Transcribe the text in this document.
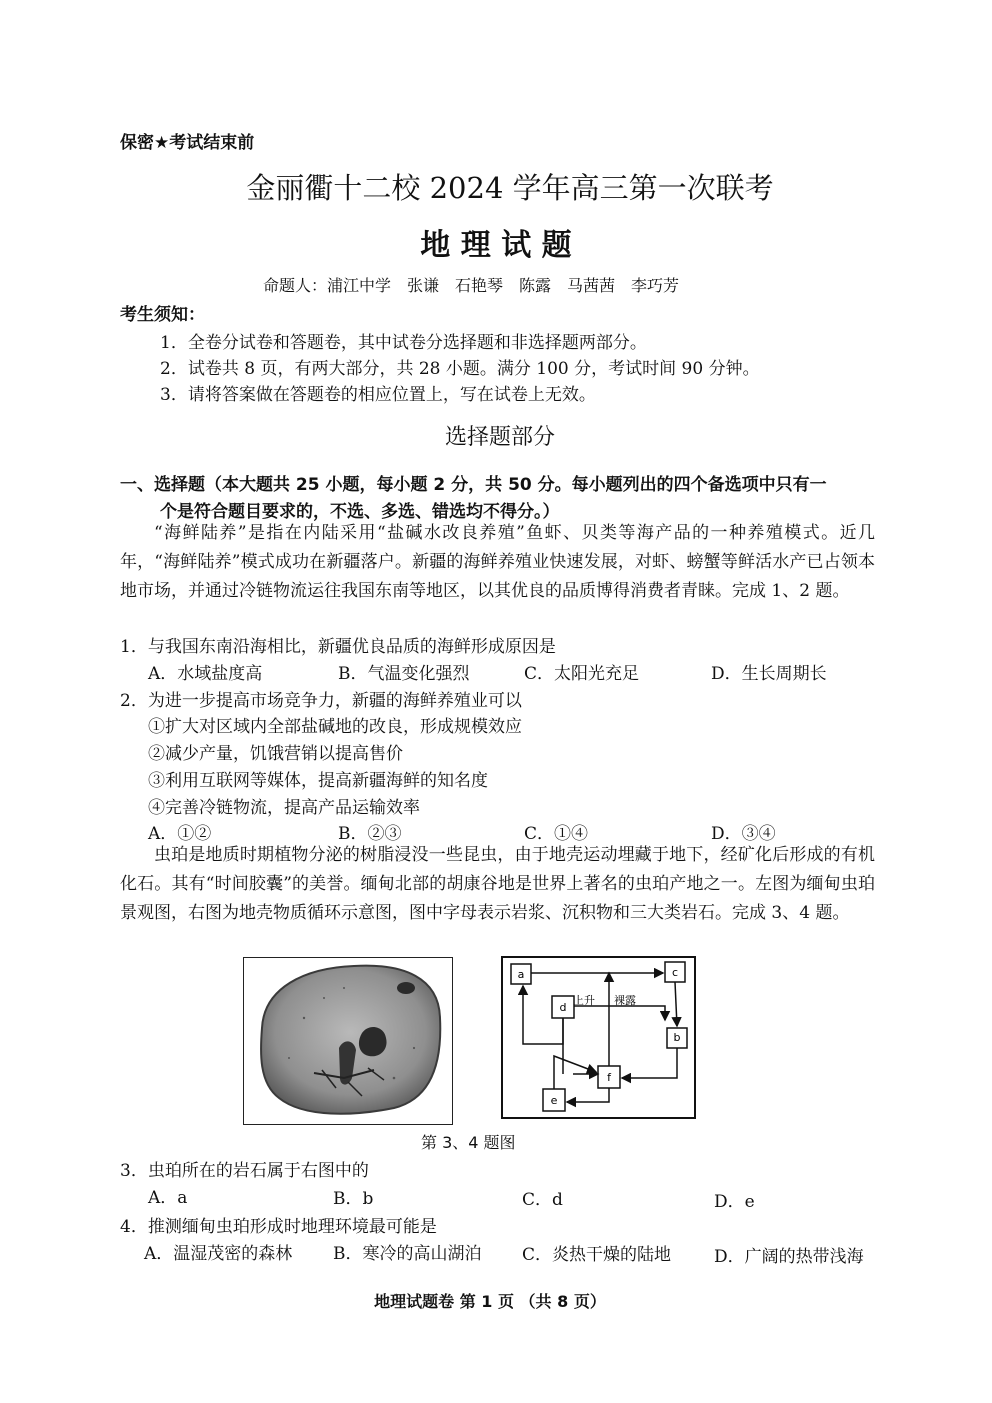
保密★考试结束前
金丽衢十二校 2024 学年高三第一次联考
地 理 试 题
命题人：浦江中学　张谦　石艳琴　陈露　马茜茜　李巧芳
考生须知：
1．全卷分试卷和答题卷，其中试卷分选择题和非选择题两部分。
2．试卷共 8 页，有两大部分，共 28 小题。满分 100 分，考试时间 90 分钟。
3．请将答案做在答题卷的相应位置上，写在试卷上无效。
选择题部分
一、选择题（本大题共 25 小题，每小题 2 分，共 50 分。每小题列出的四个备选项中只有一
个是符合题目要求的，不选、多选、错选均不得分。）
“海鲜陆养”是指在内陆采用“盐碱水改良养殖”鱼虾、贝类等海产品的一种养殖模式。近几年，“海鲜陆养”模式成功在新疆落户。新疆的海鲜养殖业快速发展，对虾、螃蟹等鲜活水产已占领本地市场，并通过冷链物流运往我国东南等地区，以其优良的品质博得消费者青睐。完成 1、2 题。
1．与我国东南沿海相比，新疆优良品质的海鲜形成原因是
A．水域盐度高	B．气温变化强烈	C．太阳光充足	D．生长周期长
2．为进一步提高市场竞争力，新疆的海鲜养殖业可以
①扩大对区域内全部盐碱地的改良，形成规模效应
②减少产量，饥饿营销以提高售价
③利用互联网等媒体，提高新疆海鲜的知名度
④完善冷链物流，提高产品运输效率
A．①②	B．②③	C．①④	D．③④
虫珀是地质时期植物分泌的树脂浸没一些昆虫，由于地壳运动埋藏于地下，经矿化后形成的有机化石。其有“时间胶囊”的美誉。缅甸北部的胡康谷地是世界上著名的虫珀产地之一。左图为缅甸虫珀景观图，右图为地壳物质循环示意图，图中字母表示岩浆、沉积物和三大类岩石。完成 3、4 题。
a
b
c
d
e
f
上升 裸露
第 3、4 题图
3．虫珀所在的岩石属于右图中的
A．a	B．b	C．d	D．e
4．推测缅甸虫珀形成时地理环境最可能是
A．温湿茂密的森林 B．寒冷的高山湖泊 C．炎热干燥的陆地	D．广阔的热带浅海
地理试题卷 第 1 页 （共 8 页）
